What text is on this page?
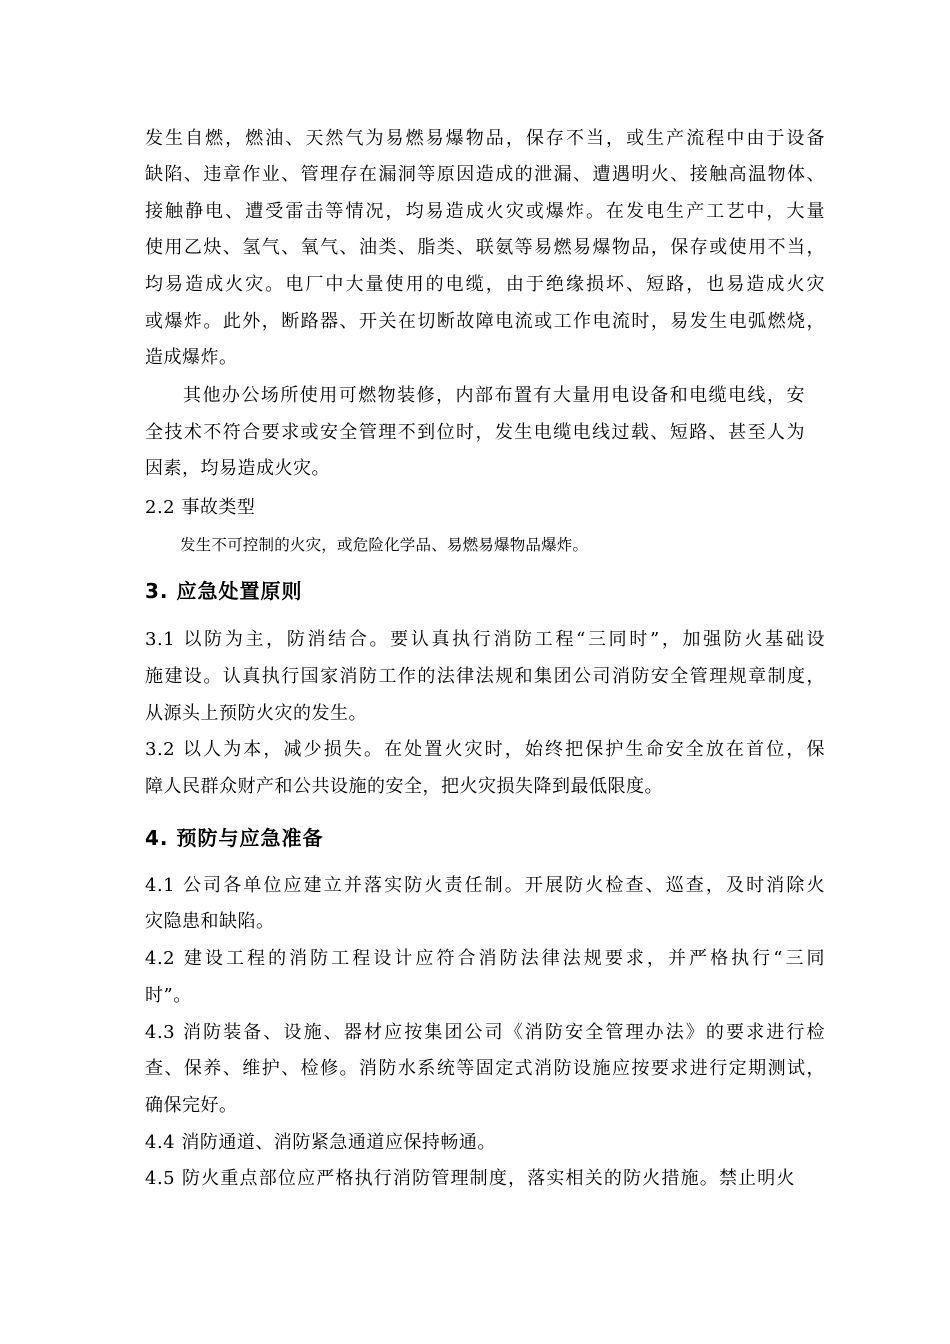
发生自燃，燃油、天然气为易燃易爆物品，保存不当，或生产流程中由于设备
缺陷、违章作业、管理存在漏洞等原因造成的泄漏、遭遇明火、接触高温物体、
接触静电、遭受雷击等情况，均易造成火灾或爆炸。在发电生产工艺中，大量
使用乙炔、氢气、氧气、油类、脂类、联氨等易燃易爆物品，保存或使用不当，
均易造成火灾。电厂中大量使用的电缆，由于绝缘损坏、短路，也易造成火灾
或爆炸。此外，断路器、开关在切断故障电流或工作电流时，易发生电弧燃烧，
造成爆炸。
其他办公场所使用可燃物装修，内部布置有大量用电设备和电缆电线，安
全技术不符合要求或安全管理不到位时，发生电缆电线过载、短路、甚至人为
因素，均易造成火灾。
2.2 事故类型
发生不可控制的火灾，或危险化学品、易燃易爆物品爆炸。
3. 应急处置原则
3.1 以防为主，防消结合。要认真执行消防工程“三同时”，加强防火基础设
施建设。认真执行国家消防工作的法律法规和集团公司消防安全管理规章制度，
从源头上预防火灾的发生。
3.2 以人为本，减少损失。在处置火灾时，始终把保护生命安全放在首位，保
障人民群众财产和公共设施的安全，把火灾损失降到最低限度。
4. 预防与应急准备
4.1 公司各单位应建立并落实防火责任制。开展防火检查、巡查，及时消除火
灾隐患和缺陷。
4.2 建设工程的消防工程设计应符合消防法律法规要求，并严格执行“三同
时”。
4.3 消防装备、设施、器材应按集团公司《消防安全管理办法》的要求进行检
查、保养、维护、检修。消防水系统等固定式消防设施应按要求进行定期测试，
确保完好。
4.4 消防通道、消防紧急通道应保持畅通。
4.5 防火重点部位应严格执行消防管理制度，落实相关的防火措施。禁止明火
